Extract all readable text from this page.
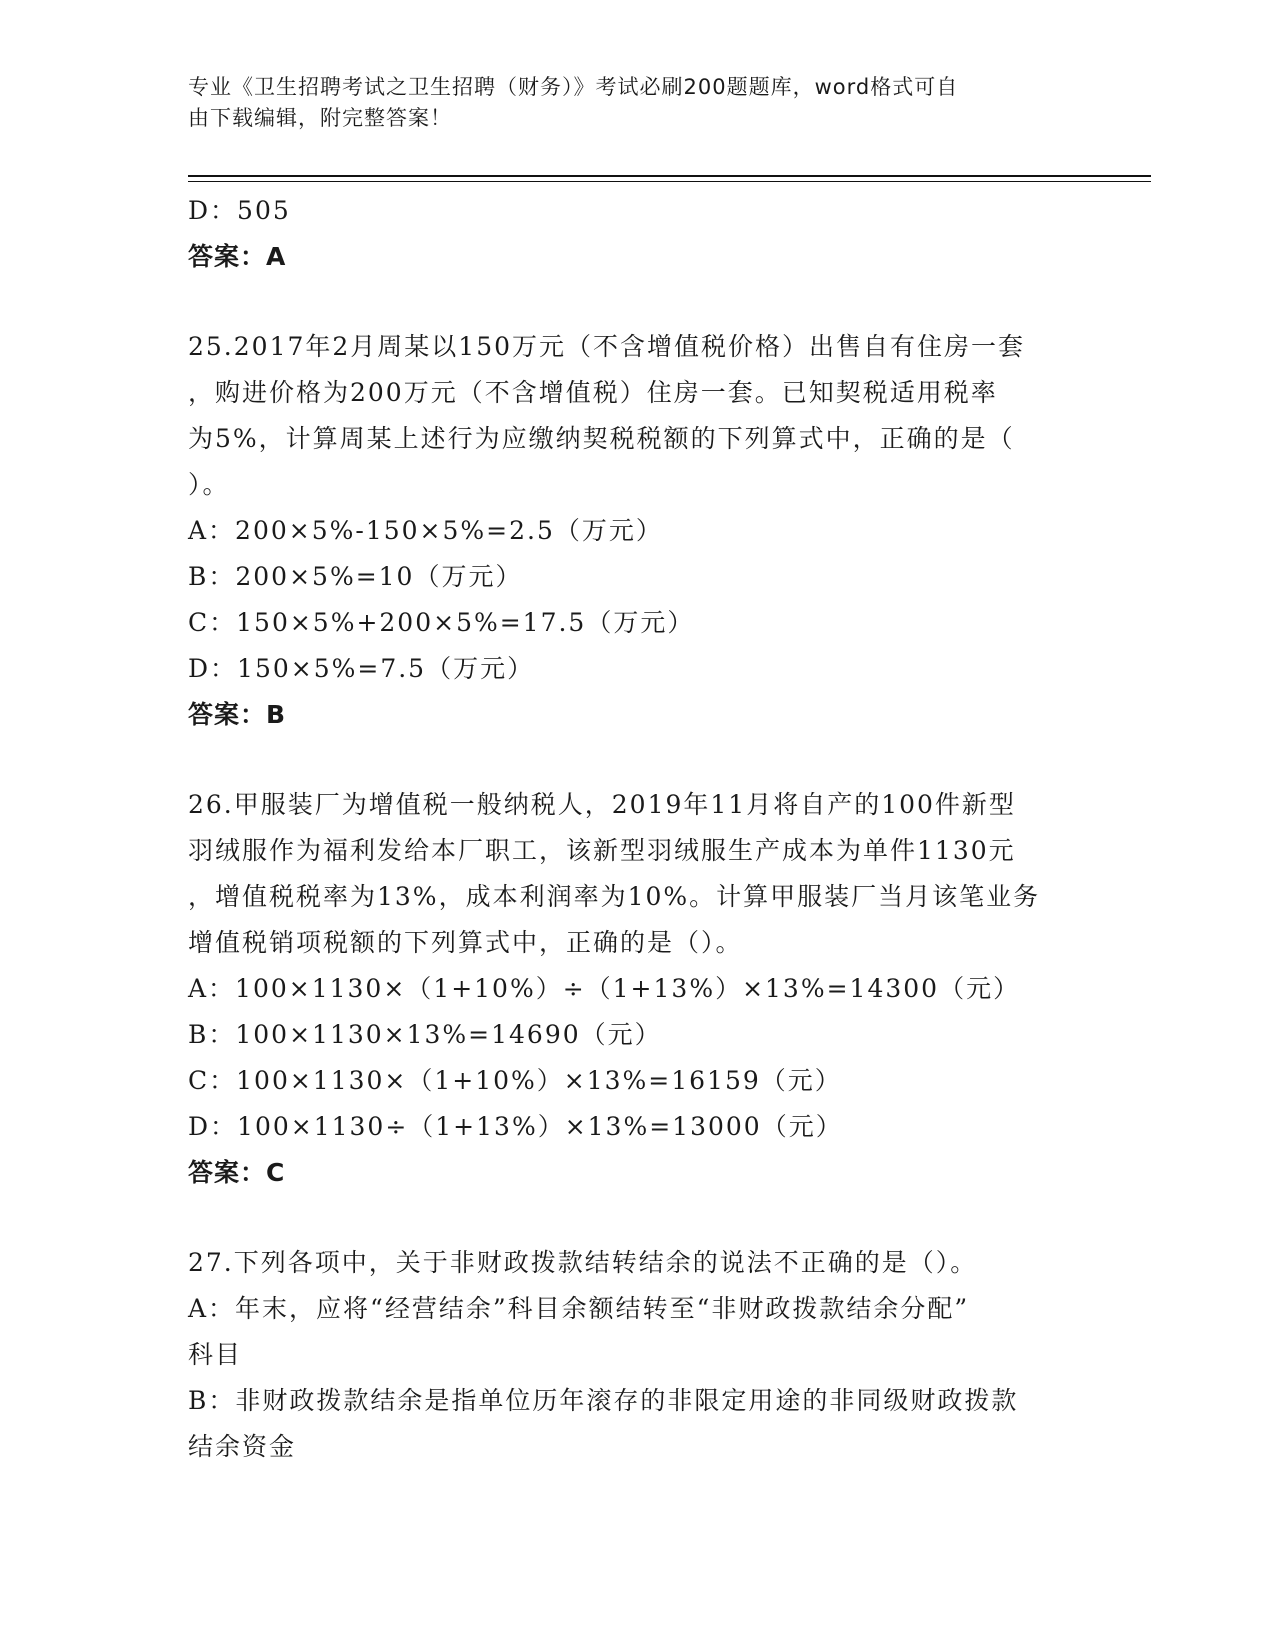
专业《卫生招聘考试之卫生招聘（财务）》考试必刷200题题库，word格式可自
由下载编辑，附完整答案！
D：505
答案：A
25.2017年2月周某以150万元（不含增值税价格）出售自有住房一套
，购进价格为200万元（不含增值税）住房一套。已知契税适用税率
为5%，计算周某上述行为应缴纳契税税额的下列算式中，正确的是（
）。
A：200×5%-150×5%=2.5（万元）
B：200×5%=10（万元）
C：150×5%+200×5%=17.5（万元）
D：150×5%=7.5（万元）
答案：B
26.甲服装厂为增值税一般纳税人，2019年11月将自产的100件新型
羽绒服作为福利发给本厂职工，该新型羽绒服生产成本为单件1130元
，增值税税率为13%，成本利润率为10%。计算甲服装厂当月该笔业务
增值税销项税额的下列算式中，正确的是（）。
A：100×1130×（1+10%）÷（1+13%）×13%=14300（元）
B：100×1130×13%=14690（元）
C：100×1130×（1+10%）×13%=16159（元）
D：100×1130÷（1+13%）×13%=13000（元）
答案：C
27.下列各项中，关于非财政拨款结转结余的说法不正确的是（）。
A：年末，应将“经营结余”科目余额结转至“非财政拨款结余分配”
科目
B：非财政拨款结余是指单位历年滚存的非限定用途的非同级财政拨款
结余资金
